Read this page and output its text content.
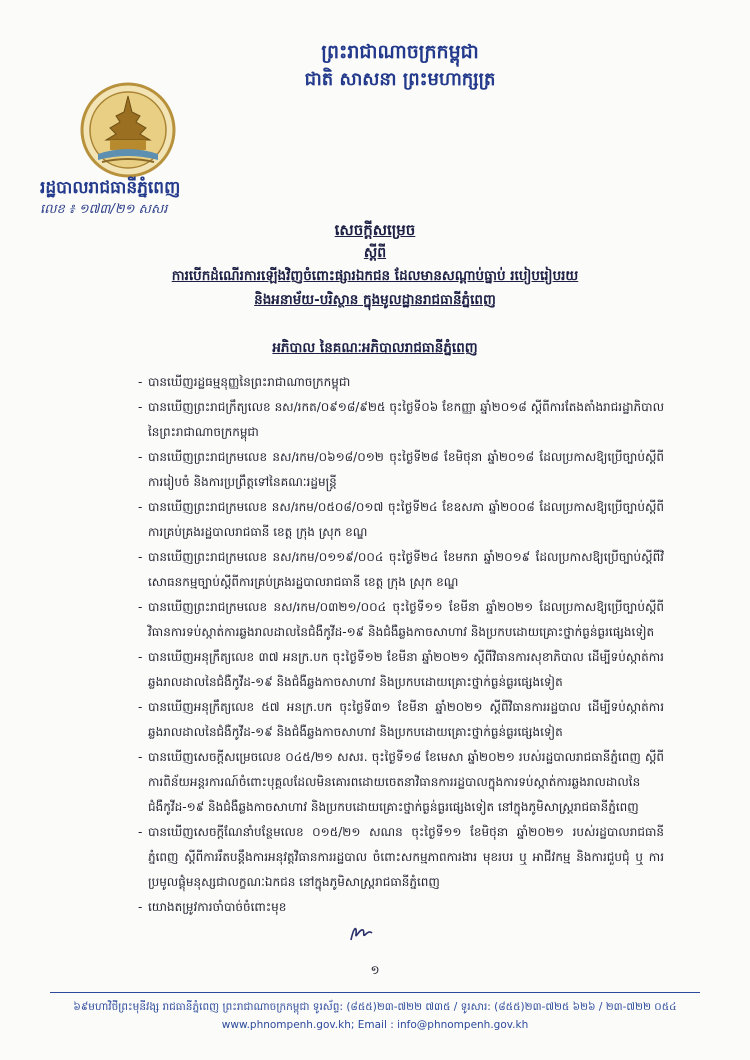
ព្រះរាជាណាចក្រកម្ពុជា
ជាតិ សាសនា ព្រះមហាក្សត្រ
រដ្ឋបាលរាជធានីភ្នំពេញ
លេខ ៖ ១៧៣/២១ សសរ
សេចក្តីសម្រេច
ស្តីពី
ការបើកដំណើរការឡើងវិញចំពោះផ្សារឯកជន ដែលមានសណ្តាប់ធ្នាប់ របៀបរៀបរយ
និងអនាម័យ-បរិស្ថាន ក្នុងមូលដ្ឋានរាជធានីភ្នំពេញ
អភិបាល នៃគណៈអភិបាលរាជធានីភ្នំពេញ
- បានឃើញរដ្ឋធម្មនុញ្ញនៃព្រះរាជាណាចក្រកម្ពុជា
- បានឃើញព្រះរាជក្រឹត្យលេខ នស/រកត/០៩១៨/៩២៥ ចុះថ្ងៃទី០៦ ខែកញ្ញា ឆ្នាំ២០១៨ ស្តីពីការតែងតាំងរាជរដ្ឋាភិបាលនៃព្រះរាជាណាចក្រកម្ពុជា
- បានឃើញព្រះរាជក្រមលេខ នស/រកម/០៦១៨/០១២ ចុះថ្ងៃទី២៨ ខែមិថុនា ឆ្នាំ២០១៨ ដែលប្រកាសឱ្យប្រើច្បាប់ស្តីពីការរៀបចំ និងការប្រព្រឹត្តទៅនៃគណៈរដ្ឋមន្ត្រី
- បានឃើញព្រះរាជក្រមលេខ នស/រកម/០៥០៨/០១៧ ចុះថ្ងៃទី២៤ ខែឧសភា ឆ្នាំ២០០៨ ដែលប្រកាសឱ្យប្រើច្បាប់ស្តីពីការគ្រប់គ្រងរដ្ឋបាលរាជធានី ខេត្ត ក្រុង ស្រុក ខណ្ឌ
- បានឃើញព្រះរាជក្រមលេខ នស/រកម/០១១៩/០០៤ ចុះថ្ងៃទី២៤ ខែមករា ឆ្នាំ២០១៩ ដែលប្រកាសឱ្យប្រើច្បាប់ស្តីពីវិសោធនកម្មច្បាប់ស្តីពីការគ្រប់គ្រងរដ្ឋបាលរាជធានី ខេត្ត ក្រុង ស្រុក ខណ្ឌ
- បានឃើញព្រះរាជក្រមលេខ នស/រកម/០៣២១/០០៤ ចុះថ្ងៃទី១១ ខែមីនា ឆ្នាំ២០២១ ដែលប្រកាសឱ្យប្រើច្បាប់ស្តីពីវិធានការទប់ស្កាត់ការឆ្លងរាលដាលនៃជំងឺកូវីដ-១៩ និងជំងឺឆ្លងកាចសាហាវ និងប្រកបដោយគ្រោះថ្នាក់ធ្ងន់ធ្ងរផ្សេងទៀត
- បានឃើញអនុក្រឹត្យលេខ ៣៧ អនក្រ.បក ចុះថ្ងៃទី១២ ខែមីនា ឆ្នាំ២០២១ ស្តីពីវិធានការសុខាភិបាល ដើម្បីទប់ស្កាត់ការឆ្លងរាលដាលនៃជំងឺកូវីដ-១៩ និងជំងឺឆ្លងកាចសាហាវ និងប្រកបដោយគ្រោះថ្នាក់ធ្ងន់ធ្ងរផ្សេងទៀត
- បានឃើញអនុក្រឹត្យលេខ ៥៧ អនក្រ.បក ចុះថ្ងៃទី៣១ ខែមីនា ឆ្នាំ២០២១ ស្តីពីវិធានការរដ្ឋបាល ដើម្បីទប់ស្កាត់ការឆ្លងរាលដាលនៃជំងឺកូវីដ-១៩ និងជំងឺឆ្លងកាចសាហាវ និងប្រកបដោយគ្រោះថ្នាក់ធ្ងន់ធ្ងរផ្សេងទៀត
- បានឃើញសេចក្តីសម្រេចលេខ ០៤៥/២១ សសរ. ចុះថ្ងៃទី១៨ ខែមេសា ឆ្នាំ២០២១ របស់រដ្ឋបាលរាជធានីភ្នំពេញ ស្តីពីការពិន័យអន្តរការណ៍ចំពោះបុគ្គលដែលមិនគោរពដោយចេតនាវិធានការរដ្ឋបាលក្នុងការទប់ស្កាត់ការឆ្លងរាលដាលនៃជំងឺកូវីដ-១៩ និងជំងឺឆ្លងកាចសាហាវ និងប្រកបដោយគ្រោះថ្នាក់ធ្ងន់ធ្ងរផ្សេងទៀត នៅក្នុងភូមិសាស្ត្ររាជធានីភ្នំពេញ
- បានឃើញសេចក្តីណែនាំបន្ថែមលេខ ០១៥/២១ សណន ចុះថ្ងៃទី១១ ខែមិថុនា ឆ្នាំ២០២១ របស់រដ្ឋបាលរាជធានីភ្នំពេញ ស្តីពីការរឹតបន្តឹងការអនុវត្តវិធានការរដ្ឋបាល ចំពោះសកម្មភាពការងារ មុខរបរ ឬ អាជីវកម្ម និងការជួបជុំ ឬ ការប្រមូលផ្តុំមនុស្សជាលក្ខណៈឯកជន នៅក្នុងភូមិសាស្ត្ររាជធានីភ្នំពេញ
- យោងតម្រូវការចាំបាច់ចំពោះមុខ
១
៦៩មហាវិថីព្រះមុនីវង្ស រាជធានីភ្នំពេញ ព្រះរាជាណាចក្រកម្ពុជា ទូរស័ព្ទ: (៨៥៥)២៣-៧២២ ៧៣៥ / ទូរសារ: (៨៥៥)២៣-៧២៥ ៦២៦ / ២៣-៧២២ ០៥៤
www.phnompenh.gov.kh; Email : info@phnompenh.gov.kh
